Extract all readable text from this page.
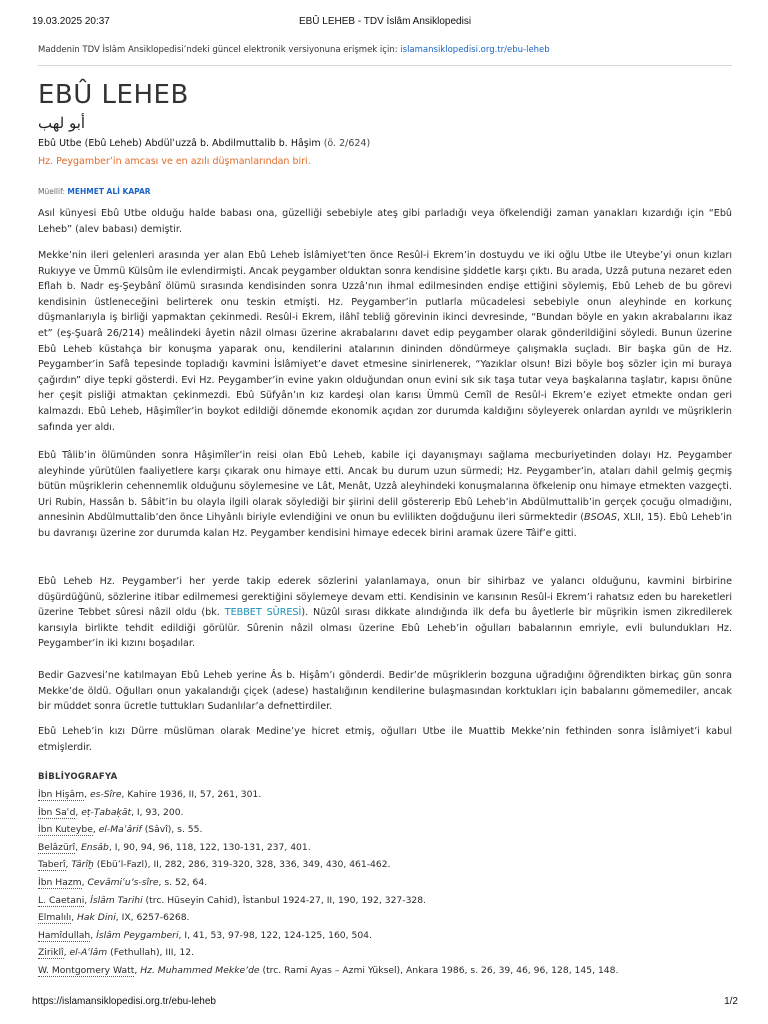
19.03.2025 20:37	EBÛ LEHEB - TDV İslâm Ansiklopedisi
Maddenin TDV İslâm Ansiklopedisi’ndeki güncel elektronik versiyonuna erişmek için: islamansiklopedisi.org.tr/ebu-leheb
EBÛ LEHEB
أبو لهب
Ebû Utbe (Ebû Leheb) Abdülʿuzzâ b. Abdilmuttalib b. Hâşim (ö. 2/624)
Hz. Peygamber’in amcası ve en azılı düşmanlarından biri.
Müellif: MEHMET ALİ KAPAR

Asıl künyesi Ebû Utbe olduğu halde babası ona, güzelliği sebebiyle ateş gibi parladığı veya öfkelendiği zaman yanakları kızardığı için “Ebû Leheb” (alev babası) demiştir.

Mekke’nin ileri gelenleri arasında yer alan Ebû Leheb İslâmiyet’ten önce Resûl-i Ekrem’in dostuydu ve iki oğlu Utbe ile Uteybe’yi onun kızları Rukıyye ve Ümmü Külsûm ile evlendirmişti. Ancak peygamber olduktan sonra kendisine şiddetle karşı çıktı. Bu arada, Uzzâ putuna nezaret eden Eflah b. Nadr eş-Şeybânî ölümü sırasında kendisinden sonra Uzzâ’nın ihmal edilmesinden endişe ettiğini söylemiş, Ebû Leheb de bu görevi kendisinin üstleneceğini belirterek onu teskin etmişti. Hz. Peygamber’in putlarla mücadelesi sebebiyle onun aleyhinde en korkunç düşmanlarıyla iş birliği yapmaktan çekinmedi. Resûl-i Ekrem, ilâhî tebliğ görevinin ikinci devresinde, “Bundan böyle en yakın akrabalarını ikaz et” (eş-Şuarâ 26/214) meâlindeki âyetin nâzil olması üzerine akrabalarını davet edip peygamber olarak gönderildiğini söyledi. Bunun üzerine Ebû Leheb küstahça bir konuşma yaparak onu, kendilerini atalarının dininden döndürmeye çalışmakla suçladı. Bir başka gün de Hz. Peygamber’in Safâ tepesinde topladığı kavmini İslâmiyet’e davet etmesine sinirlenerek, “Yazıklar olsun! Bizi böyle boş sözler için mi buraya çağırdın” diye tepki gösterdi. Evi Hz. Peygamber’in evine yakın olduğundan onun evini sık sık taşa tutar veya başkalarına taşlatır, kapısı önüne her çeşit pisliği atmaktan çekinmezdi. Ebû Süfyân’ın kız kardeşi olan karısı Ümmü Cemîl de Resûl-i Ekrem’e eziyet etmekte ondan geri kalmazdı. Ebû Leheb, Hâşimîler’in boykot edildiği dönemde ekonomik açıdan zor durumda kaldığını söyleyerek onlardan ayrıldı ve müşriklerin safında yer aldı.

Ebû Tâlib’in ölümünden sonra Hâşimîler’in reisi olan Ebû Leheb, kabile içi dayanışmayı sağlama mecburiyetinden dolayı Hz. Peygamber aleyhinde yürütülen faaliyetlere karşı çıkarak onu himaye etti. Ancak bu durum uzun sürmedi; Hz. Peygamber’in, ataları dahil gelmiş geçmiş bütün müşriklerin cehennemlik olduğunu söylemesine ve Lât, Menât, Uzzâ aleyhindeki konuşmalarına öfkelenip onu himaye etmekten vazgeçti. Uri Rubin, Hassân b. Sâbit’in bu olayla ilgili olarak söylediği bir şiirini delil göstererip Ebû Leheb’in Abdülmuttalib’in gerçek çocuğu olmadığını, annesinin Abdülmuttalib’den önce Lihyânlı biriyle evlendiğini ve onun bu evlilikten doğduğunu ileri sürmektedir (BSOAS, XLII, 15). Ebû Leheb’in bu davranışı üzerine zor durumda kalan Hz. Peygamber kendisini himaye edecek birini aramak üzere Tâif’e gitti.

Ebû Leheb Hz. Peygamber’i her yerde takip ederek sözlerini yalanlamaya, onun bir sihirbaz ve yalancı olduğunu, kavmini birbirine düşürdüğünü, sözlerine itibar edilmemesi gerektiğini söylemeye devam etti. Kendisinin ve karısının Resûl-i Ekrem’i rahatsız eden bu hareketleri üzerine Tebbet sûresi nâzil oldu (bk. TEBBET SÛRESİ). Nüzûl sırası dikkate alındığında ilk defa bu âyetlerle bir müşrikin ismen zikredilerek karısıyla birlikte tehdit edildiği görülür. Sûrenin nâzil olması üzerine Ebû Leheb’in oğulları babalarının emriyle, evli bulundukları Hz. Peygamber’in iki kızını boşadılar.

Bedir Gazvesi’ne katılmayan Ebû Leheb yerine Âs b. Hişâm’ı gönderdi. Bedir’de müşriklerin bozguna uğradığını öğrendikten birkaç gün sonra Mekke’de öldü. Oğulları onun yakalandığı çiçek (adese) hastalığının kendilerine bulaşmasından korktukları için babalarını gömemediler, ancak bir müddet sonra ücretle tuttukları Sudanlılar’a defnettirdiler.

Ebû Leheb’in kızı Dürre müslüman olarak Medine’ye hicret etmiş, oğulları Utbe ile Muattib Mekke’nin fethinden sonra İslâmiyet’i kabul etmişlerdir.

BİBLİYOGRAFYA
İbn Hişâm, es-Sîre, Kahire 1936, II, 57, 261, 301.
İbn Saʿd, eṭ-Ṭabaḳāt, I, 93, 200.
İbn Kuteybe, el-Maʿârif (Sâvî), s. 55.
Belâzürî, Ensâb, I, 90, 94, 96, 118, 122, 130-131, 237, 401.
Taberî, Târîḫ (Ebü’l-Fazl), II, 282, 286, 319-320, 328, 336, 349, 430, 461-462.
İbn Hazm, Cevâmiʿu’s-sîre, s. 52, 64.
L. Caetani, İslâm Tarihi (trc. Hüseyin Cahid), İstanbul 1924-27, II, 190, 192, 327-328.
Elmalılı, Hak Dini, IX, 6257-6268.
Hamîdullah, İslâm Peygamberi, I, 41, 53, 97-98, 122, 124-125, 160, 504.
Ziriklî, el-Aʿlâm (Fethullah), III, 12.
W. Montgomery Watt, Hz. Muhammed Mekke’de (trc. Rami Ayas – Azmi Yüksel), Ankara 1986, s. 26, 39, 46, 96, 128, 145, 148.
https://islamansiklopedisi.org.tr/ebu-leheb	1/2
